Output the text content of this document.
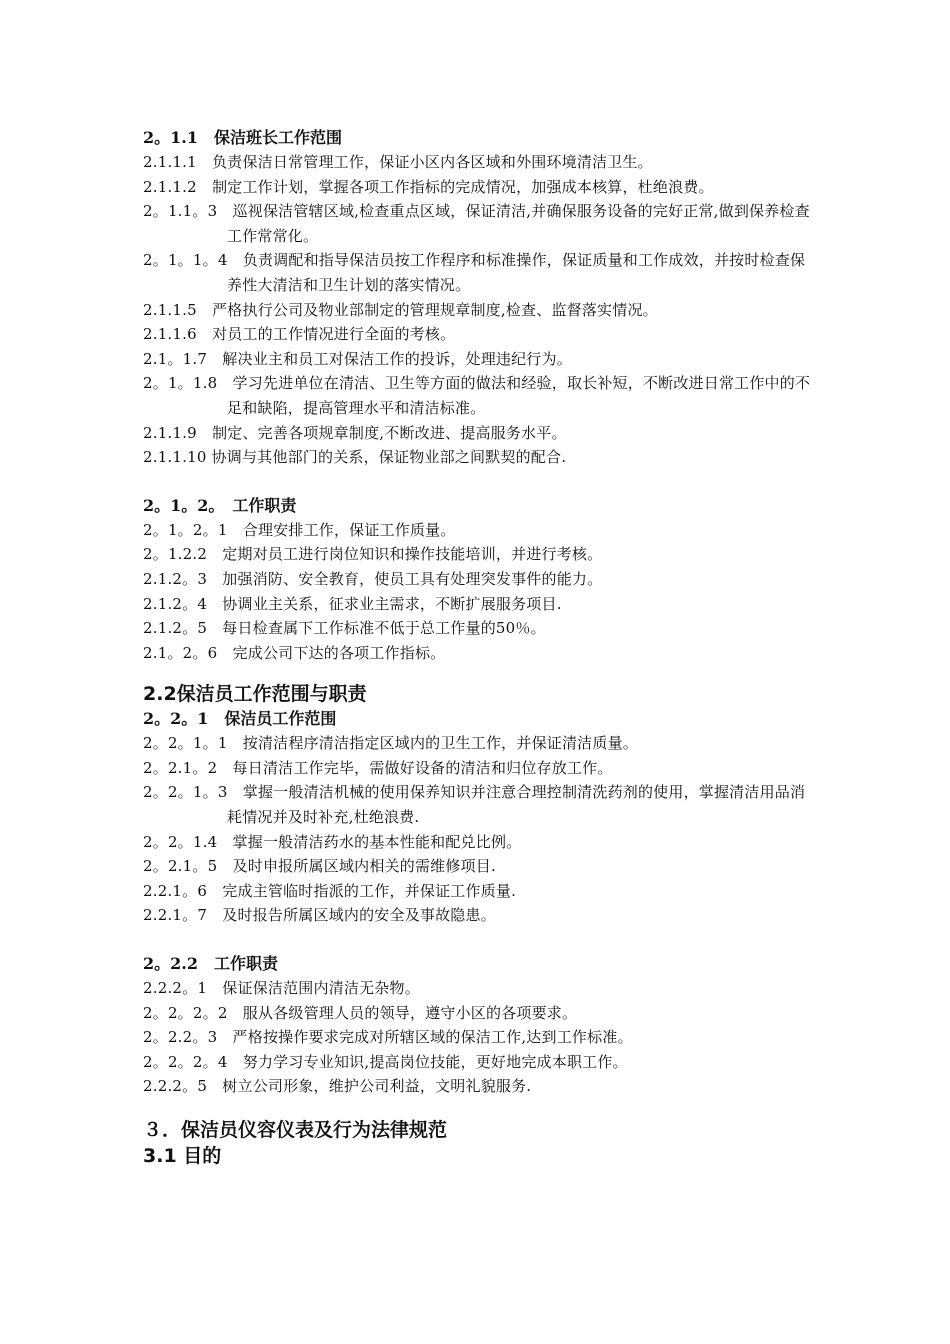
2。1.1　保洁班长工作范围
2.1.1.1　负责保洁日常管理工作，保证小区内各区域和外围环境清洁卫生。
2.1.1.2　制定工作计划，掌握各项工作指标的完成情况，加强成本核算，杜绝浪费。
2。1.1。3　巡视保洁管辖区域,检查重点区域，保证清洁,并确保服务设备的完好正常,做到保养检查工作常常化。
2。1。1。4　负责调配和指导保洁员按工作程序和标准操作，保证质量和工作成效，并按时检查保养性大清洁和卫生计划的落实情况。
2.1.1.5　严格执行公司及物业部制定的管理规章制度,检查、监督落实情况。
2.1.1.6　对员工的工作情况进行全面的考核。
2.1。1.7　解决业主和员工对保洁工作的投诉，处理违纪行为。
2。1。1.8　学习先进单位在清洁、卫生等方面的做法和经验，取长补短，不断改进日常工作中的不足和缺陷，提高管理水平和清洁标准。
2.1.1.9　制定、完善各项规章制度,不断改进、提高服务水平。
2.1.1.10 协调与其他部门的关系，保证物业部之间默契的配合.
2。1。2。　工作职责
2。1。2。1　合理安排工作，保证工作质量。
2。1.2.2　定期对员工进行岗位知识和操作技能培训，并进行考核。
2.1.2。3　加强消防、安全教育，使员工具有处理突发事件的能力。
2.1.2。4　协调业主关系，征求业主需求，不断扩展服务项目.
2.1.2。5　每日检查属下工作标准不低于总工作量的50％。
2.1。2。6　完成公司下达的各项工作指标。
2.2保洁员工作范围与职责
2。2。1　保洁员工作范围
2。2。1。1　按清洁程序清洁指定区域内的卫生工作，并保证清洁质量。
2。2.1。2　每日清洁工作完毕，需做好设备的清洁和归位存放工作。
2。2。1。3　掌握一般清洁机械的使用保养知识并注意合理控制清洗药剂的使用，掌握清洁用品消耗情况并及时补充,杜绝浪费.
2。2。1.4　掌握一般清洁药水的基本性能和配兑比例。
2。2.1。5　及时申报所属区域内相关的需维修项目.
2.2.1。6　完成主管临时指派的工作，并保证工作质量.
2.2.1。7　及时报告所属区域内的安全及事故隐患。
2。2.2　工作职责
2.2.2。1　保证保洁范围内清洁无杂物。
2。2。2。2　服从各级管理人员的领导，遵守小区的各项要求。
2。2.2。3　严格按操作要求完成对所辖区域的保洁工作,达到工作标准。
2。2。2。4　努力学习专业知识,提高岗位技能，更好地完成本职工作。
2.2.2。5　树立公司形象，维护公司利益，文明礼貌服务.
３．保洁员仪容仪表及行为法律规范
3.1 目的
